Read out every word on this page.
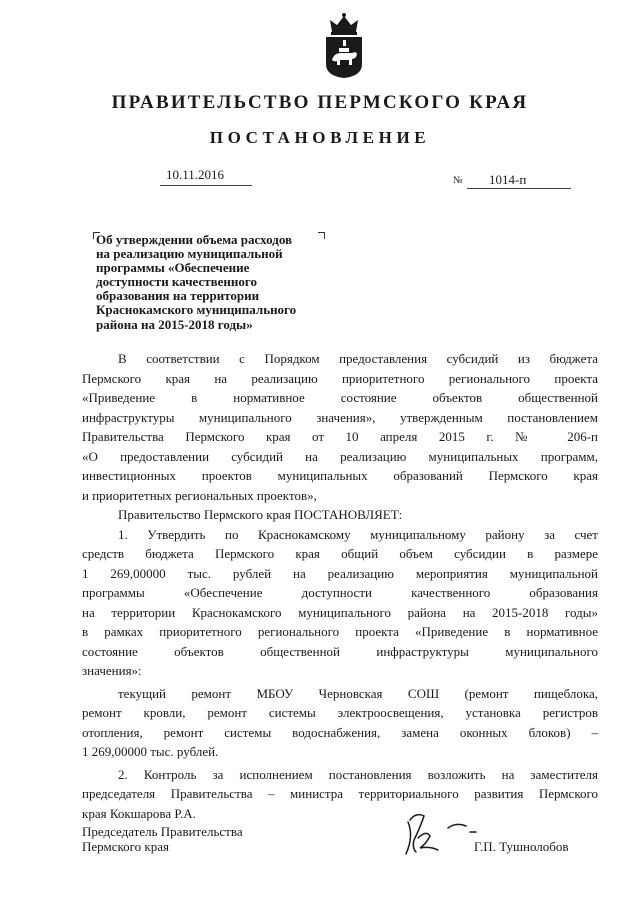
ПРАВИТЕЛЬСТВО ПЕРМСКОГО КРАЯ
ПОСТАНОВЛЕНИЕ
10.11.2016	№ 1014-п
Об утверждении объема расходов
на реализацию муниципальной
программы «Обеспечение
доступности качественного
образования на территории
Краснокамского муниципального
района на 2015-2018 годы»

В соответствии с Порядком предоставления субсидий из бюджета

Пермского края на реализацию приоритетного регионального проекта

«Приведение в нормативное состояние объектов общественной

инфраструктуры муниципального значения», утвержденным постановлением

Правительства Пермского края от 10 апреля 2015 г. № 206-п

«О предоставлении субсидий на реализацию муниципальных программ,

инвестиционных проектов муниципальных образований Пермского края

и приоритетных региональных проектов»,

Правительство Пермского края ПОСТАНОВЛЯЕТ:

1. Утвердить по Краснокамскому муниципальному району за счет

средств бюджета Пермского края общий объем субсидии в размере

1 269,00000 тыс. рублей на реализацию мероприятия муниципальной

программы «Обеспечение доступности качественного образования

на территории Краснокамского муниципального района на 2015-2018 годы»

в рамках приоритетного регионального проекта «Приведение в нормативное

состояние объектов общественной инфраструктуры муниципального

значения»:

текущий ремонт МБОУ Черновская СОШ (ремонт пищеблока,

ремонт кровли, ремонт системы электроосвещения, установка регистров

отопления, ремонт системы водоснабжения, замена оконных блоков) –

1 269,00000 тыс. рублей.

2. Контроль за исполнением постановления возложить на заместителя

председателя Правительства – министра территориального развития Пермского

края Кокшарова Р.А.

Председатель Правительства
Пермского края	Г.П. Тушнолобов
